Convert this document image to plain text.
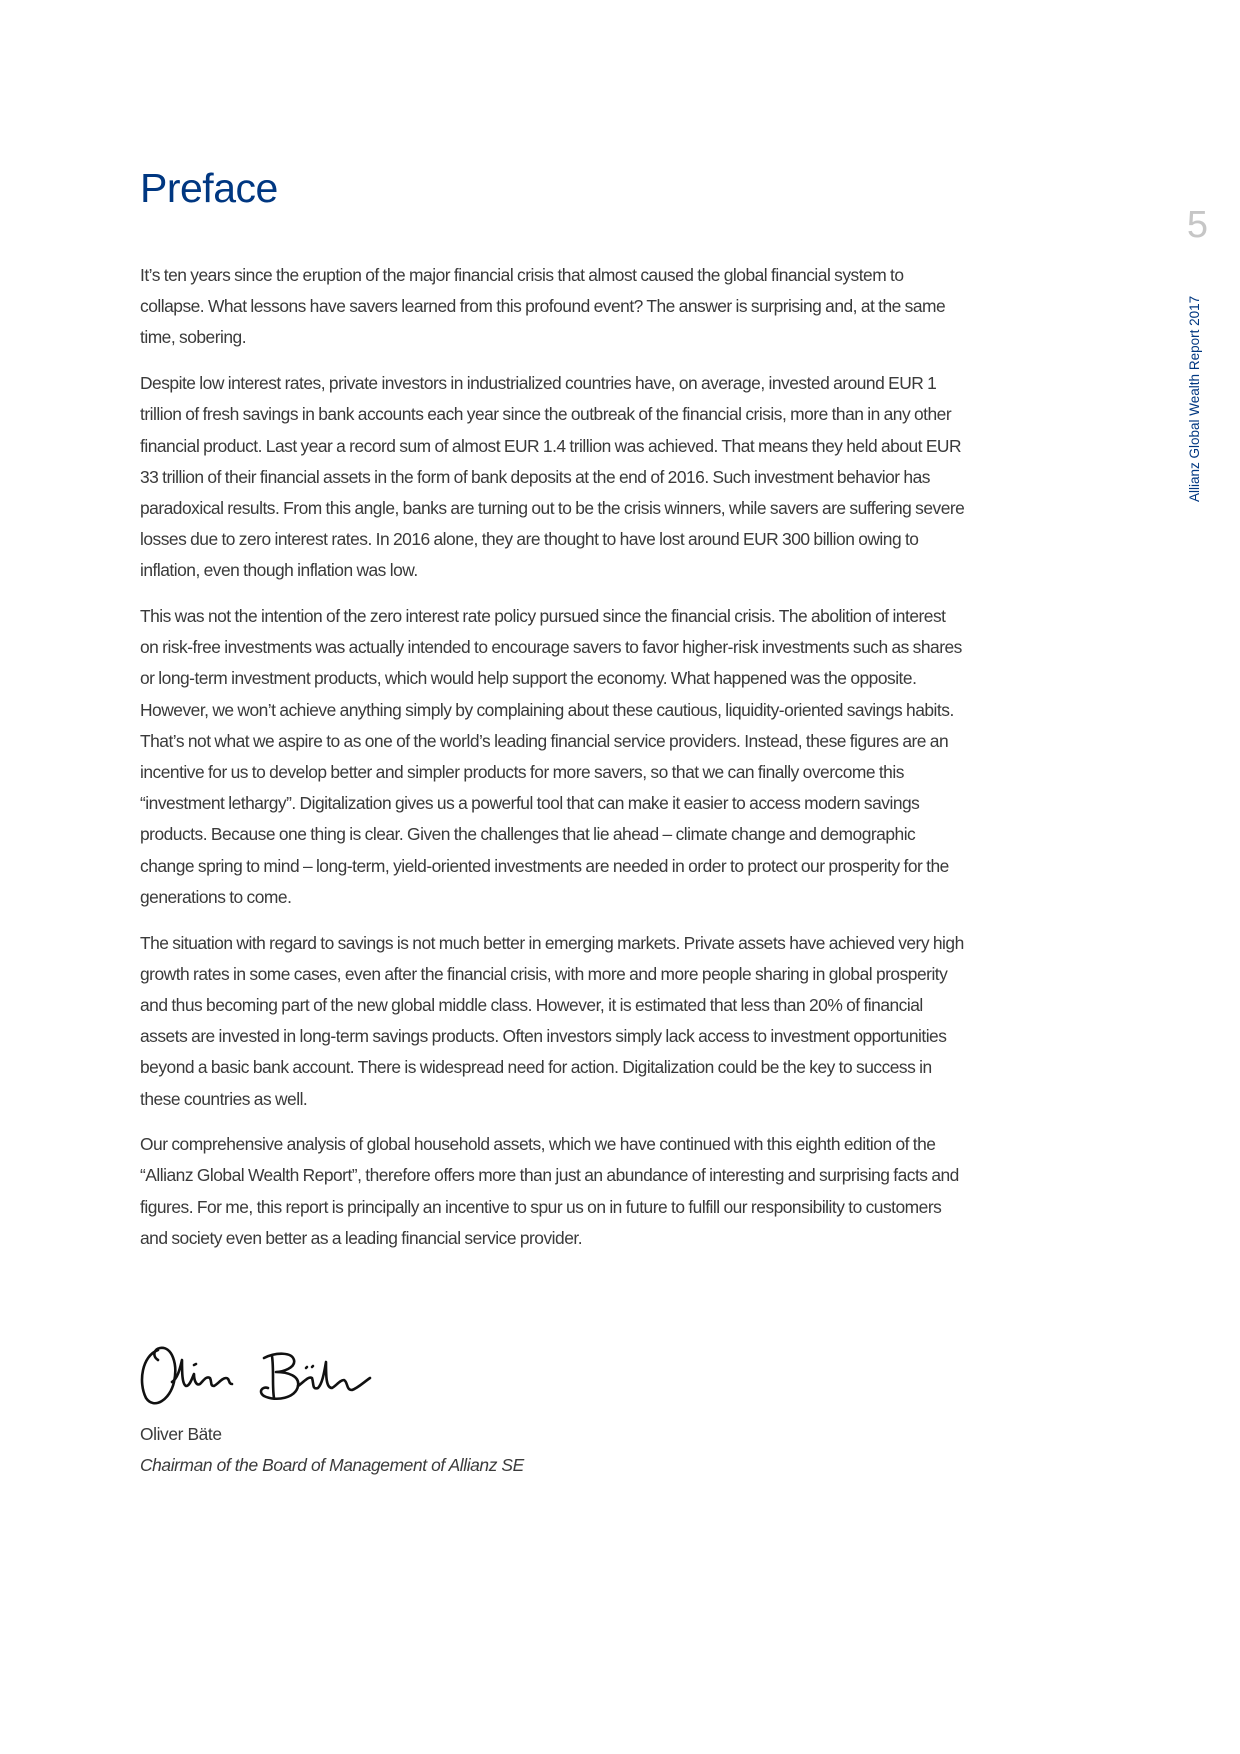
Preface
5
Allianz Global Wealth Report 2017

It’s ten years since the eruption of the major financial crisis that almost caused the global financial system to collapse. What lessons have savers learned from this profound event? The answer is surprising and, at the same time, sobering.

Despite low interest rates, private investors in industrialized countries have, on average, invested around EUR 1 trillion of fresh savings in bank accounts each year since the outbreak of the financial crisis, more than in any other financial product. Last year a record sum of almost EUR 1.4 trillion was achieved. That means they held about EUR 33 trillion of their financial assets in the form of bank deposits at the end of 2016. Such investment behavior has paradoxical results. From this angle, banks are turning out to be the crisis winners, while savers are suffering severe losses due to zero interest rates. In 2016 alone, they are thought to have lost around EUR 300 billion owing to inflation, even though inflation was low.

This was not the intention of the zero interest rate policy pursued since the financial crisis. The abolition of interest on risk-free investments was actually intended to encourage savers to favor higher-risk investments such as shares or long-term investment products, which would help support the economy. What happened was the opposite. However, we won’t achieve anything simply by complaining about these cautious, liquidity-oriented savings habits. That’s not what we aspire to as one of the world’s leading financial service providers. Instead, these figures are an incentive for us to develop better and simpler products for more savers, so that we can finally overcome this “investment lethargy”. Digitalization gives us a powerful tool that can make it easier to access modern savings products. Because one thing is clear. Given the challenges that lie ahead – climate change and demographic change spring to mind – long-term, yield-oriented investments are needed in order to protect our prosperity for the generations to come.

The situation with regard to savings is not much better in emerging markets. Private assets have achieved very high growth rates in some cases, even after the financial crisis, with more and more people sharing in global prosperity and thus becoming part of the new global middle class. However, it is estimated that less than 20% of financial assets are invested in long-term savings products. Often investors simply lack access to investment opportunities beyond a basic bank account. There is widespread need for action. Digitalization could be the key to success in these countries as well.

Our comprehensive analysis of global household assets, which we have continued with this eighth edition of the “Allianz Global Wealth Report”, therefore offers more than just an abundance of interesting and surprising facts and figures. For me, this report is principally an incentive to spur us on in future to fulfill our responsibility to customers and society even better as a leading financial service provider.

Oliver Bäte
Chairman of the Board of Management of Allianz SE
